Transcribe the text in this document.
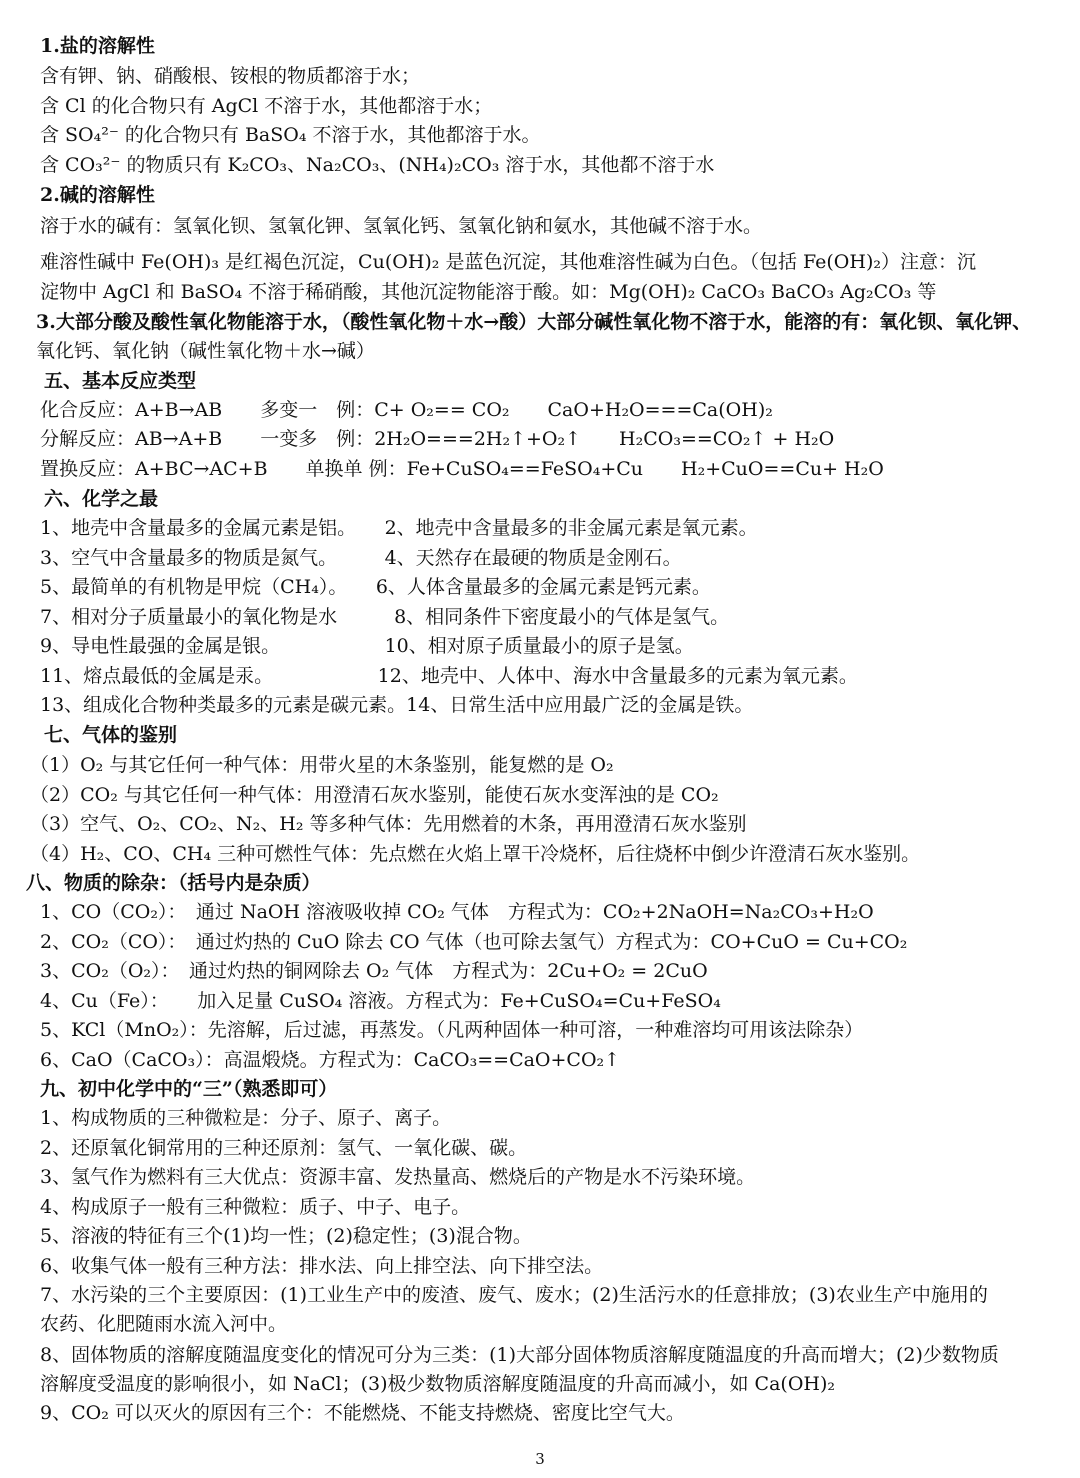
1.盐的溶解性
含有钾、钠、硝酸根、铵根的物质都溶于水；
含 Cl 的化合物只有 AgCl 不溶于水，其他都溶于水；
含 SO₄²⁻ 的化合物只有 BaSO₄ 不溶于水，其他都溶于水。
含 CO₃²⁻ 的物质只有 K₂CO₃、Na₂CO₃、(NH₄)₂CO₃ 溶于水，其他都不溶于水
2.碱的溶解性
溶于水的碱有：氢氧化钡、氢氧化钾、氢氧化钙、氢氧化钠和氨水，其他碱不溶于水。
难溶性碱中 Fe(OH)₃ 是红褐色沉淀，Cu(OH)₂ 是蓝色沉淀，其他难溶性碱为白色。（包括 Fe(OH)₂）注意：沉
淀物中 AgCl 和 BaSO₄ 不溶于稀硝酸，其他沉淀物能溶于酸。如：Mg(OH)₂ CaCO₃ BaCO₃ Ag₂CO₃ 等
3.大部分酸及酸性氧化物能溶于水，（酸性氧化物＋水→酸）大部分碱性氧化物不溶于水，能溶的有：氧化钡、氧化钾、
氧化钙、氧化钠（碱性氧化物＋水→碱）
五、基本反应类型
化合反应：A+B→AB　　多变一　例：C+ O₂== CO₂　　CaO+H₂O===Ca(OH)₂
分解反应：AB→A+B　　一变多　例：2H₂O===2H₂↑+O₂↑　　H₂CO₃==CO₂↑ + H₂O
置换反应：A+BC→AC+B　　单换单 例：Fe+CuSO₄==FeSO₄+Cu　　H₂+CuO==Cu+ H₂O
六、化学之最
1、地壳中含量最多的金属元素是铝。　　2、地壳中含量最多的非金属元素是氧元素。
3、空气中含量最多的物质是氮气。　　　4、天然存在最硬的物质是金刚石。
5、最简单的有机物是甲烷（CH₄）。　　6、人体含量最多的金属元素是钙元素。
7、相对分子质量最小的氧化物是水　　　8、相同条件下密度最小的气体是氢气。
9、导电性最强的金属是银。　　　　　　10、相对原子质量最小的原子是氢。
11、熔点最低的金属是汞。　　　　　　12、地壳中、人体中、海水中含量最多的元素为氧元素。
13、组成化合物种类最多的元素是碳元素。14、日常生活中应用最广泛的金属是铁。
七、气体的鉴别
（1）O₂ 与其它任何一种气体：用带火星的木条鉴别，能复燃的是 O₂
（2）CO₂ 与其它任何一种气体：用澄清石灰水鉴别，能使石灰水变浑浊的是 CO₂
（3）空气、O₂、CO₂、N₂、H₂ 等多种气体：先用燃着的木条，再用澄清石灰水鉴别
（4）H₂、CO、CH₄ 三种可燃性气体：先点燃在火焰上罩干冷烧杯，后往烧杯中倒少许澄清石灰水鉴别。
八、物质的除杂：（括号内是杂质）
1、CO（CO₂）：　通过 NaOH 溶液吸收掉 CO₂ 气体　方程式为：CO₂+2NaOH=Na₂CO₃+H₂O
2、CO₂（CO）：　通过灼热的 CuO 除去 CO 气体（也可除去氢气）方程式为：CO+CuO = Cu+CO₂
3、CO₂（O₂）：　通过灼热的铜网除去 O₂ 气体　方程式为：2Cu+O₂ = 2CuO
4、Cu（Fe）：　　加入足量 CuSO₄ 溶液。方程式为：Fe+CuSO₄=Cu+FeSO₄
5、KCl（MnO₂）：先溶解，后过滤，再蒸发。（凡两种固体一种可溶，一种难溶均可用该法除杂）
6、CaO（CaCO₃）：高温煅烧。方程式为：CaCO₃==CaO+CO₂↑
九、初中化学中的“三”（熟悉即可）
1、构成物质的三种微粒是：分子、原子、离子。
2、还原氧化铜常用的三种还原剂：氢气、一氧化碳、碳。
3、氢气作为燃料有三大优点：资源丰富、发热量高、燃烧后的产物是水不污染环境。
4、构成原子一般有三种微粒：质子、中子、电子。
5、溶液的特征有三个(1)均一性；(2)稳定性；(3)混合物。
6、收集气体一般有三种方法：排水法、向上排空法、向下排空法。
7、水污染的三个主要原因：(1)工业生产中的废渣、废气、废水；(2)生活污水的任意排放；(3)农业生产中施用的
农药、化肥随雨水流入河中。
8、固体物质的溶解度随温度变化的情况可分为三类：(1)大部分固体物质溶解度随温度的升高而增大；(2)少数物质
溶解度受温度的影响很小，如 NaCl；(3)极少数物质溶解度随温度的升高而减小，如 Ca(OH)₂
9、CO₂ 可以灭火的原因有三个：不能燃烧、不能支持燃烧、密度比空气大。
3
